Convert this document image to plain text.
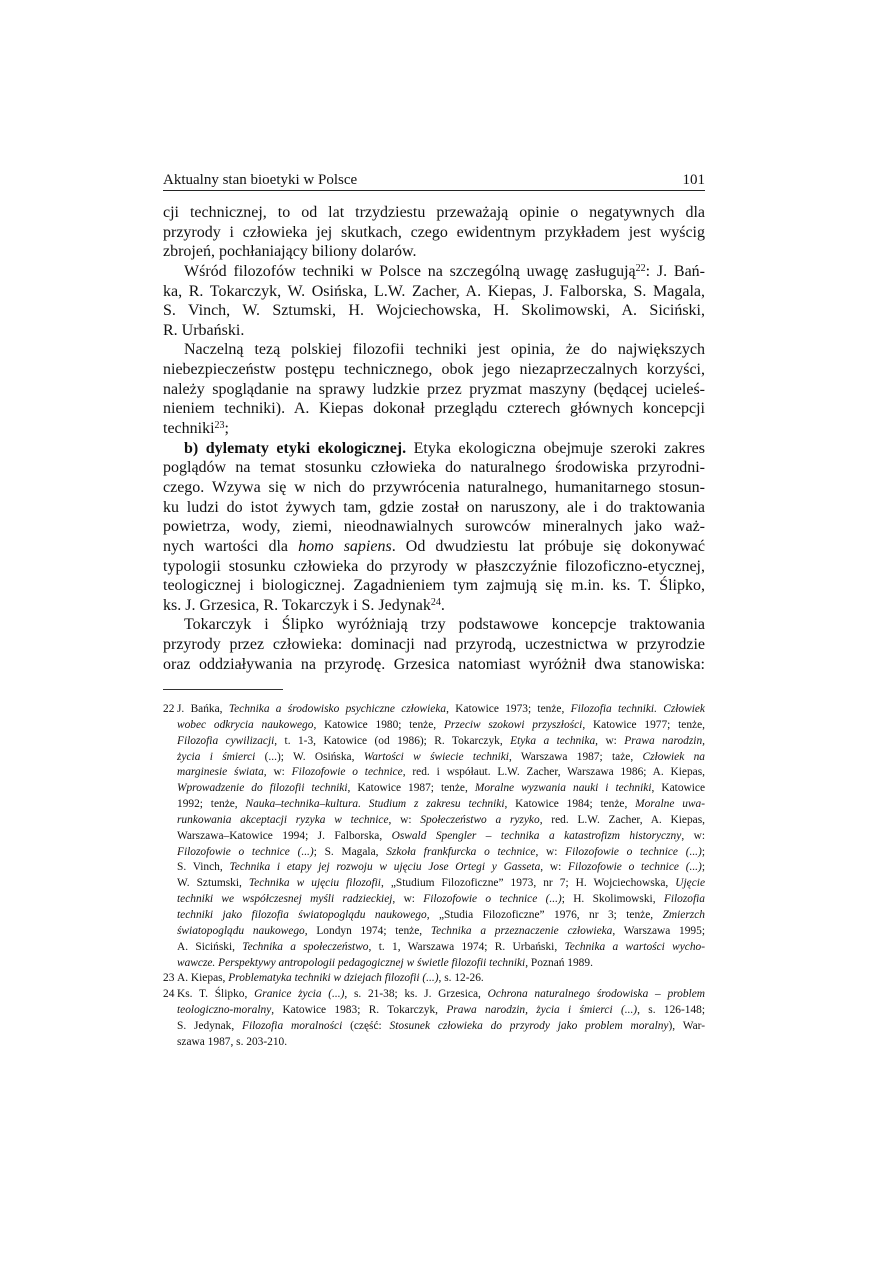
Aktualny stan bioetyki w Polsce	101
cji technicznej, to od lat trzydziestu przeważają opinie o negatywnych dla
przyrody i człowieka jej skutkach, czego ewidentnym przykładem jest wyścig
zbrojeń, pochłaniający biliony dolarów.
Wśród filozofów techniki w Polsce na szczególną uwagę zasługują$^{22}$: J. Bań-
ka, R. Tokarczyk, W. Osińska, L.W. Zacher, A. Kiepas, J. Falborska, S. Magala,
S. Vinch, W. Sztumski, H. Wojciechowska, H. Skolimowski, A. Siciński,
R. Urbański.
Naczelną tezą polskiej filozofii techniki jest opinia, że do największych
niebezpieczeństw postępu technicznego, obok jego niezaprzeczalnych korzyści,
należy spoglądanie na sprawy ludzkie przez pryzmat maszyny (będącej ucieleś-
nieniem techniki). A. Kiepas dokonał przeglądu czterech głównych koncepcji
techniki$^{23}$;
b) dylematy etyki ekologicznej. Etyka ekologiczna obejmuje szeroki zakres
poglądów na temat stosunku człowieka do naturalnego środowiska przyrodni-
czego. Wzywa się w nich do przywrócenia naturalnego, humanitarnego stosun-
ku ludzi do istot żywych tam, gdzie został on naruszony, ale i do traktowania
powietrza, wody, ziemi, nieodnawialnych surowców mineralnych jako waż-
nych wartości dla homo sapiens. Od dwudziestu lat próbuje się dokonywać
typologii stosunku człowieka do przyrody w płaszczyźnie filozoficzno-etycznej,
teologicznej i biologicznej. Zagadnieniem tym zajmują się m.in. ks. T. Ślipko,
ks. J. Grzesica, R. Tokarczyk i S. Jedynak$^{24}$.
Tokarczyk i Ślipko wyróżniają trzy podstawowe koncepcje traktowania
przyrody przez człowieka: dominacji nad przyrodą, uczestnictwa w przyrodzie
oraz oddziaływania na przyrodę. Grzesica natomiast wyróżnił dwa stanowiska:
22 J. Bańka, Technika a środowisko psychiczne człowieka, Katowice 1973; tenże, Filozofia techniki. Człowiek
wobec odkrycia naukowego, Katowice 1980; tenże, Przeciw szokowi przyszłości, Katowice 1977; tenże,
Filozofia cywilizacji, t. 1-3, Katowice (od 1986); R. Tokarczyk, Etyka a technika, w: Prawa narodzin,
życia i śmierci (...); W. Osińska, Wartości w świecie techniki, Warszawa 1987; taże, Człowiek na
marginesie świata, w: Filozofowie o technice, red. i współaut. L.W. Zacher, Warszawa 1986; A. Kiepas,
Wprowadzenie do filozofii techniki, Katowice 1987; tenże, Moralne wyzwania nauki i techniki, Katowice
1992; tenże, Nauka–technika–kultura. Studium z zakresu techniki, Katowice 1984; tenże, Moralne uwa-
runkowania akceptacji ryzyka w technice, w: Społeczeństwo a ryzyko, red. L.W. Zacher, A. Kiepas,
Warszawa–Katowice 1994; J. Falborska, Oswald Spengler – technika a katastrofizm historyczny, w:
Filozofowie o technice (...); S. Magala, Szkoła frankfurcka o technice, w: Filozofowie o technice (...);
S. Vinch, Technika i etapy jej rozwoju w ujęciu Jose Ortegi y Gasseta, w: Filozofowie o technice (...);
W. Sztumski, Technika w ujęciu filozofii, „Studium Filozoficzne” 1973, nr 7; H. Wojciechowska, Ujęcie
techniki we współczesnej myśli radzieckiej, w: Filozofowie o technice (...); H. Skolimowski, Filozofia
techniki jako filozofia światopoglądu naukowego, „Studia Filozoficzne” 1976, nr 3; tenże, Zmierzch
światopoglądu naukowego, Londyn 1974; tenże, Technika a przeznaczenie człowieka, Warszawa 1995;
A. Siciński, Technika a społeczeństwo, t. 1, Warszawa 1974; R. Urbański, Technika a wartości wycho-
wawcze. Perspektywy antropologii pedagogicznej w świetle filozofii techniki, Poznań 1989.
23 A. Kiepas, Problematyka techniki w dziejach filozofii (...), s. 12-26.
24 Ks. T. Ślipko, Granice życia (...), s. 21-38; ks. J. Grzesica, Ochrona naturalnego środowiska – problem
teologiczno-moralny, Katowice 1983; R. Tokarczyk, Prawa narodzin, życia i śmierci (...), s. 126-148;
S. Jedynak, Filozofia moralności (część: Stosunek człowieka do przyrody jako problem moralny), War-
szawa 1987, s. 203-210.
